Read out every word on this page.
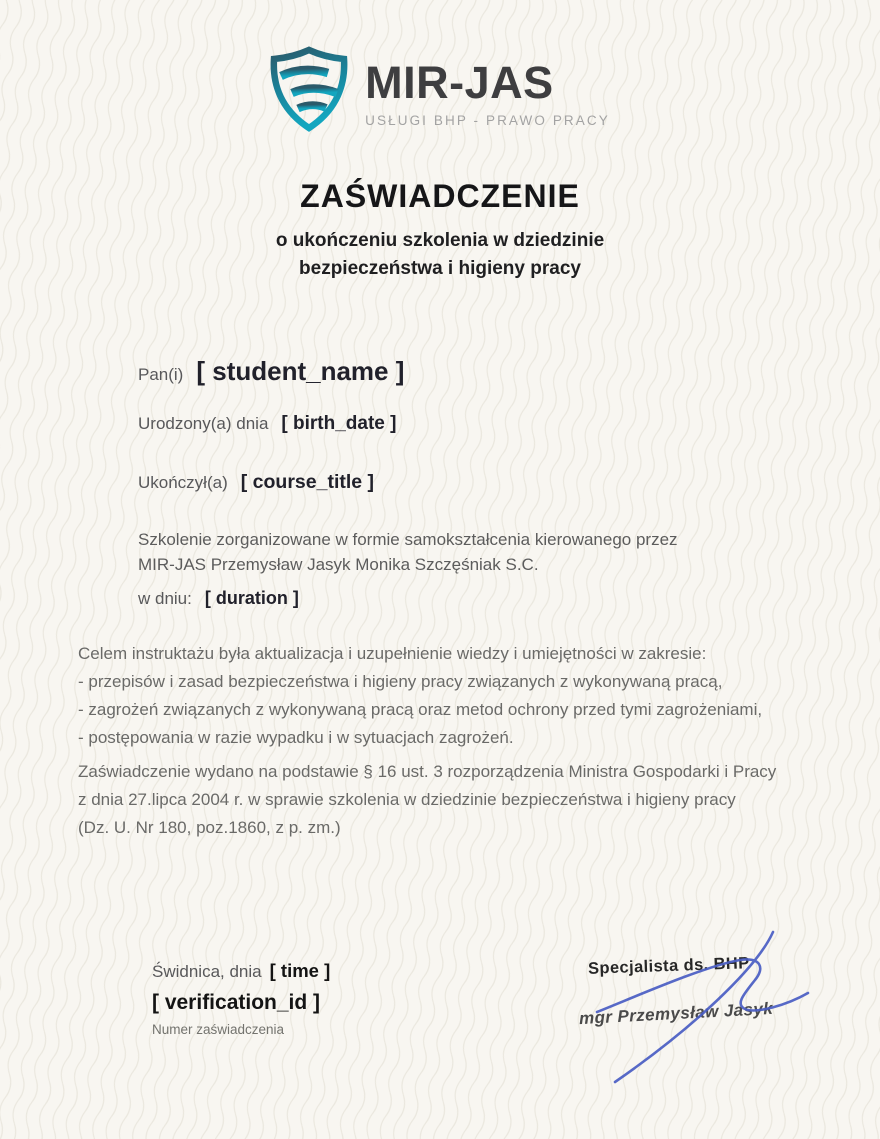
MIR-JAS
USŁUGI BHP - PRAWO PRACY
ZAŚWIADCZENIE
o ukończeniu szkolenia w dziedzinie
bezpieczeństwa i higieny pracy
Pan(i) [ student_name ]
Urodzony(a) dnia [ birth_date ]
Ukończył(a) [ course_title ]
Szkolenie zorganizowane w formie samokształcenia kierowanego przez
MIR-JAS Przemysław Jasyk Monika Szczęśniak S.C.
w dniu: [ duration ]
Celem instruktażu była aktualizacja i uzupełnienie wiedzy i umiejętności w zakresie:
- przepisów i zasad bezpieczeństwa i higieny pracy związanych z wykonywaną pracą,
- zagrożeń związanych z wykonywaną pracą oraz metod ochrony przed tymi zagrożeniami,
- postępowania w razie wypadku i w sytuacjach zagrożeń.
Zaświadczenie wydano na podstawie § 16 ust. 3 rozporządzenia Ministra Gospodarki i Pracy
z dnia 27.lipca 2004 r. w sprawie szkolenia w dziedzinie bezpieczeństwa i higieny pracy
(Dz. U. Nr 180, poz.1860, z p. zm.)
Świdnica, dnia [ time ]
[ verification_id ]
Numer zaświadczenia
Specjalista ds. BHP
mgr Przemysław Jasyk
